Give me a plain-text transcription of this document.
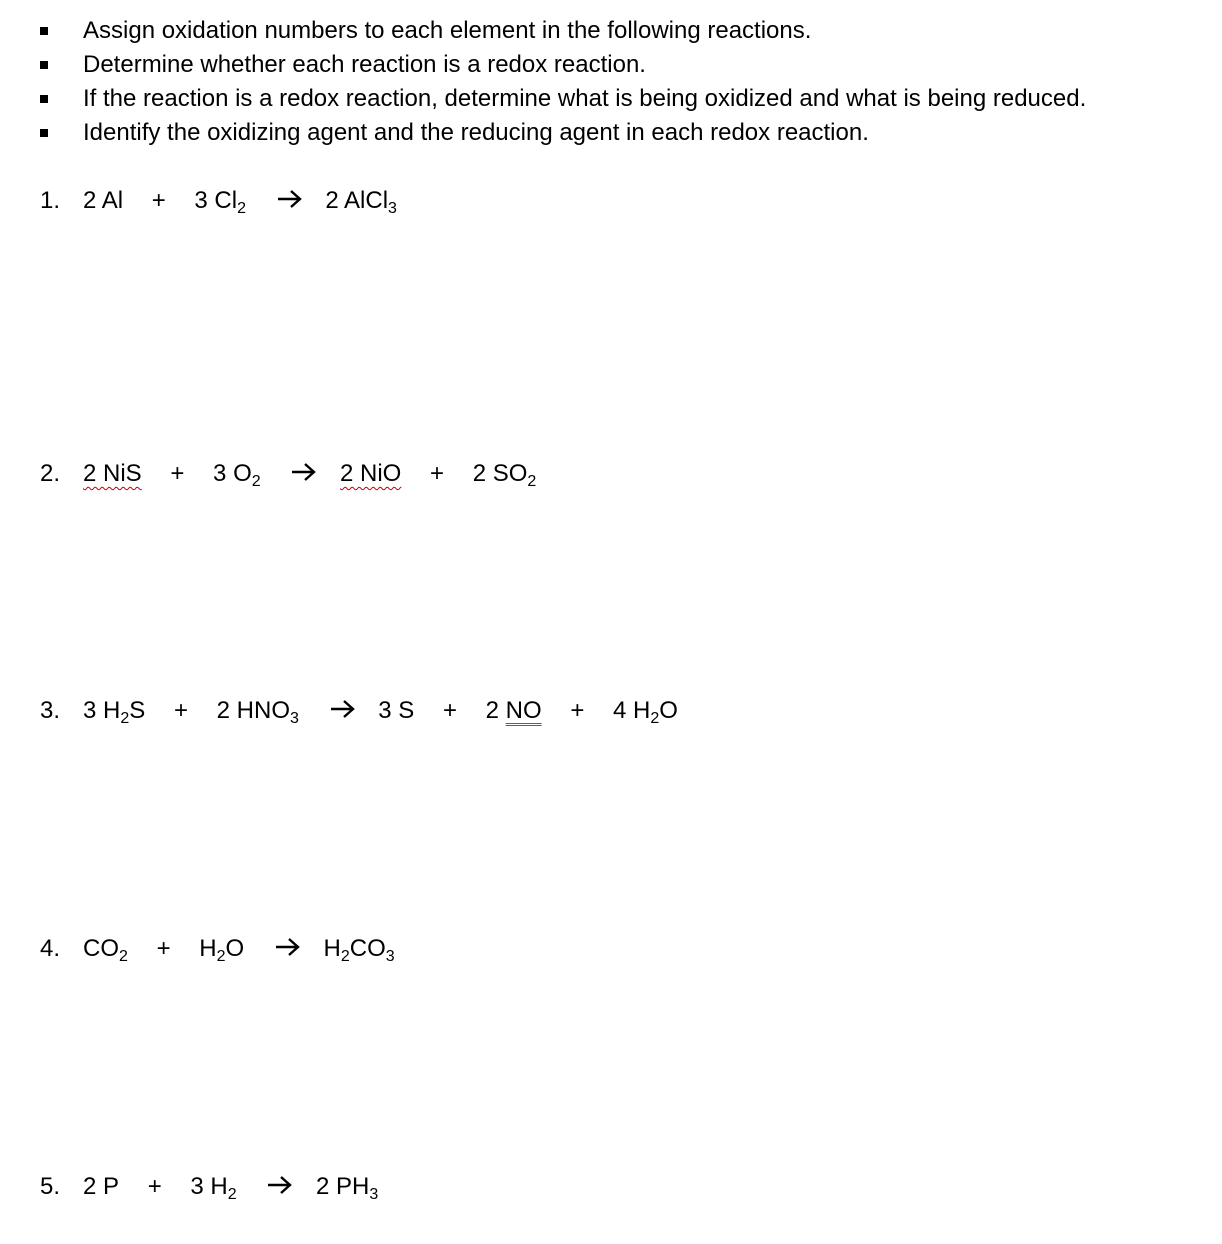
Assign oxidation numbers to each element in the following reactions.
Determine whether each reaction is a redox reaction.
If the reaction is a redox reaction, determine what is being oxidized and what is being reduced.
Identify the oxidizing agent and the reducing agent in each redox reaction.
1. 2 Al + 3 $Cl_2$	2 AlCl$_3$
2. 2 NiS + 3 $O_2$	2 NiO + 2 $SO_2$
3. 3 $H_2S + 2$ $HNO_3$	3 S + 2 NO + 4 $H_2O$
4. $CO_2 + H_2O$	$H_2CO_3$
5. 2 P + 3 $H_2$	2 $PH_3$
